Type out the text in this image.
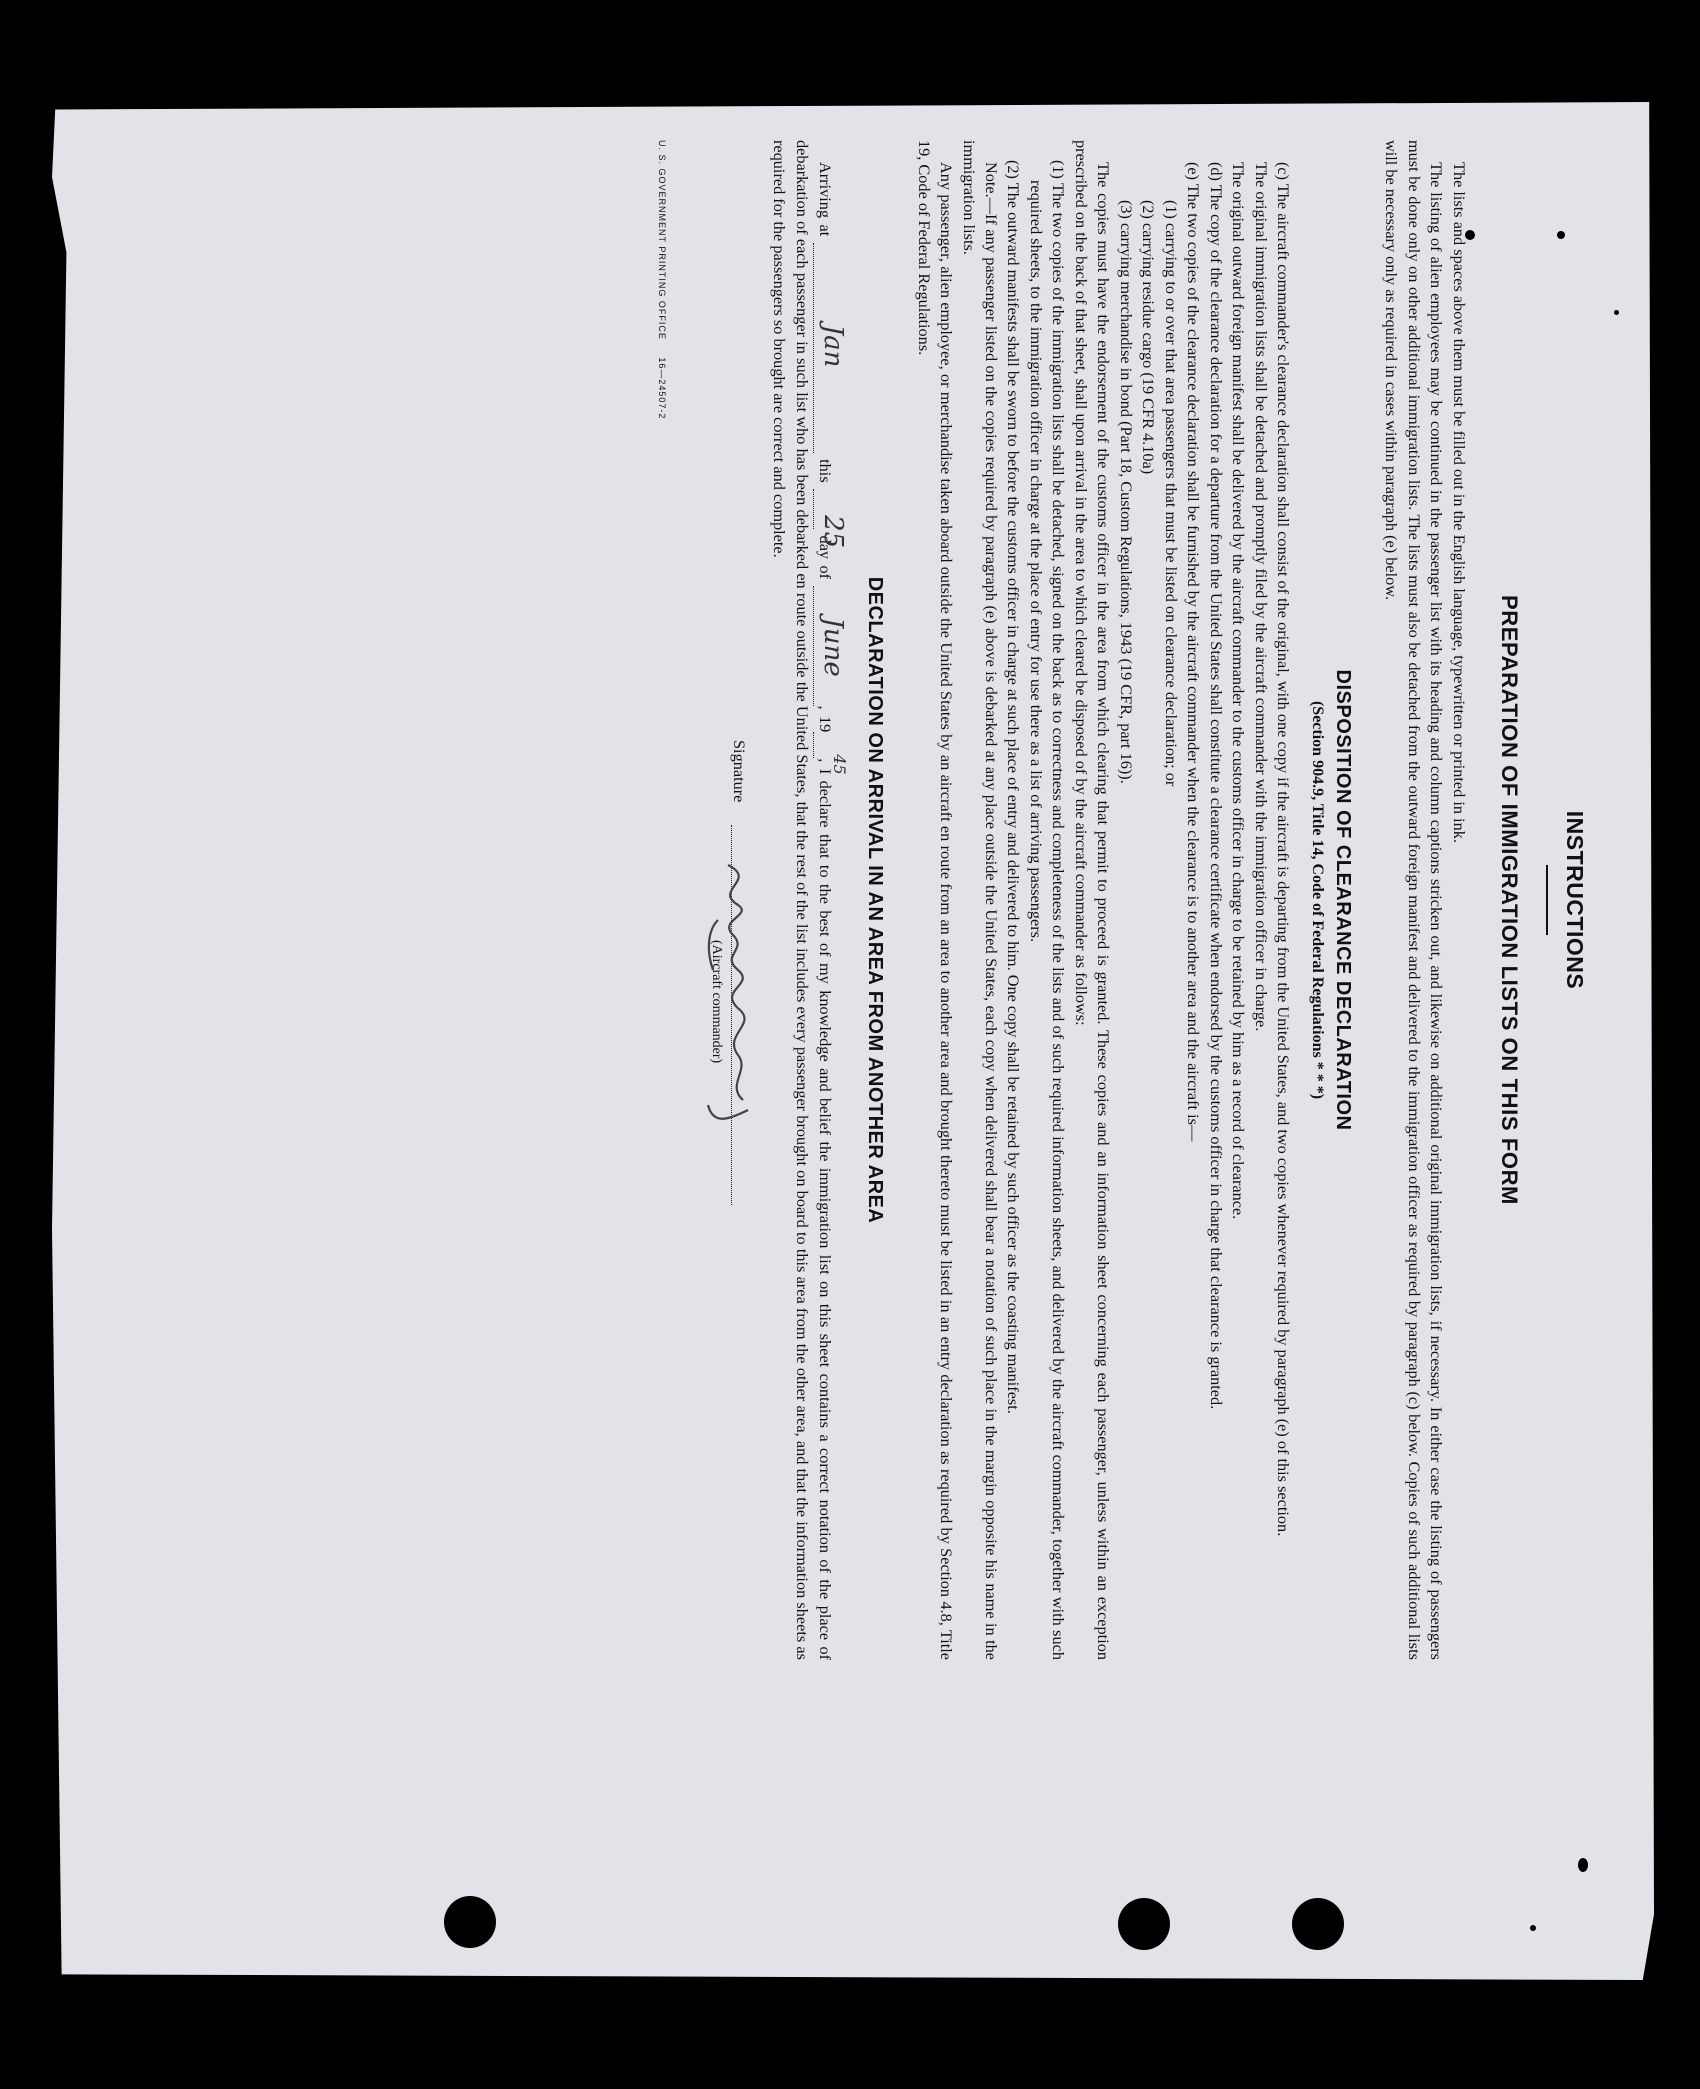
INSTRUCTIONS

PREPARATION OF IMMIGRATION LISTS ON THIS FORM

The lists and spaces above them must be filled out in the English language, typewritten or printed in ink.

The listing of alien employees may be continued in the passenger list with its heading and column captions stricken out, and likewise on additional original immigration lists, if necessary. In either case the listing of passengers must be done only on other additional immigration lists. The lists must also be detached from the outward foreign manifest and delivered to the immigration officer as required by paragraph (c) below. Copies of such additional lists will be necessary only as required in cases within paragraph (e) below.

DISPOSITION OF CLEARANCE DECLARATION

(Section 904.9, Title 14, Code of Federal Regulations * * *)

(c) The aircraft commander's clearance declaration shall consist of the original, with one copy if the aircraft is departing from the United States, and two copies whenever required by paragraph (e) of this section.

The original immigration lists shall be detached and promptly filed by the aircraft commander with the immigration officer in charge.

The original outward foreign manifest shall be delivered by the aircraft commander to the customs officer in charge to be retained by him as a record of clearance.

(d) The copy of the clearance declaration for a departure from the United States shall constitute a clearance certificate when endorsed by the customs officer in charge that clearance is granted.

(e) The two copies of the clearance declaration shall be furnished by the aircraft commander when the clearance is to another area and the aircraft is—

(1) carrying to or over that area passengers that must be listed on clearance declaration; or

(2) carrying residue cargo (19 CFR 4.10a)

(3) carrying merchandise in bond (Part 18, Custom Regulations, 1943 (19 CFR, part 16)).

The copies must have the endorsement of the customs officer in the area from which clearing that permit to proceed is granted. These copies and an information sheet concerning each passenger, unless within an exception prescribed on the back of that sheet, shall upon arrival in the area to which cleared be disposed of by the aircraft commander as follows:

(1) The two copies of the immigration lists shall be detached, signed on the back as to correctness and completeness of the lists and of such required information sheets, and delivered by the aircraft commander, together with such required sheets, to the immigration officer in charge at the place of entry for use there as a list of arriving passengers.

(2) The outward manifests shall be sworn to before the customs officer in charge at such place of entry and delivered to him. One copy shall be retained by such officer as the coasting manifest.

Note.—If any passenger listed on the copies required by paragraph (e) above is debarked at any place outside the United States, each copy when delivered shall bear a notation of such place in the margin opposite his name in the immigration lists.

Any passenger, alien employee, or merchandise taken aboard outside the United States by an aircraft en route from an area to another area and brought thereto must be listed in an entry declaration as required by Section 4.8, Title 19, Code of Federal Regulations.

DECLARATION ON ARRIVAL IN AN AREA FROM ANOTHER AREA

Arriving at
Jan
this
25
day of
June
, 19
45
, I declare that to the best of my knowledge and belief the immigration list on this sheet contains a correct notation of the place of debarkation of each passenger in such list who has been debarked en route outside the United States, that the rest of the list includes every passenger brought on board to this area from the other area, and that the information sheets as required for the passengers so brought are correct and complete.

Signature
(Aircraft commander)

U. S. GOVERNMENT PRINTING OFFICE     16—24507-2
